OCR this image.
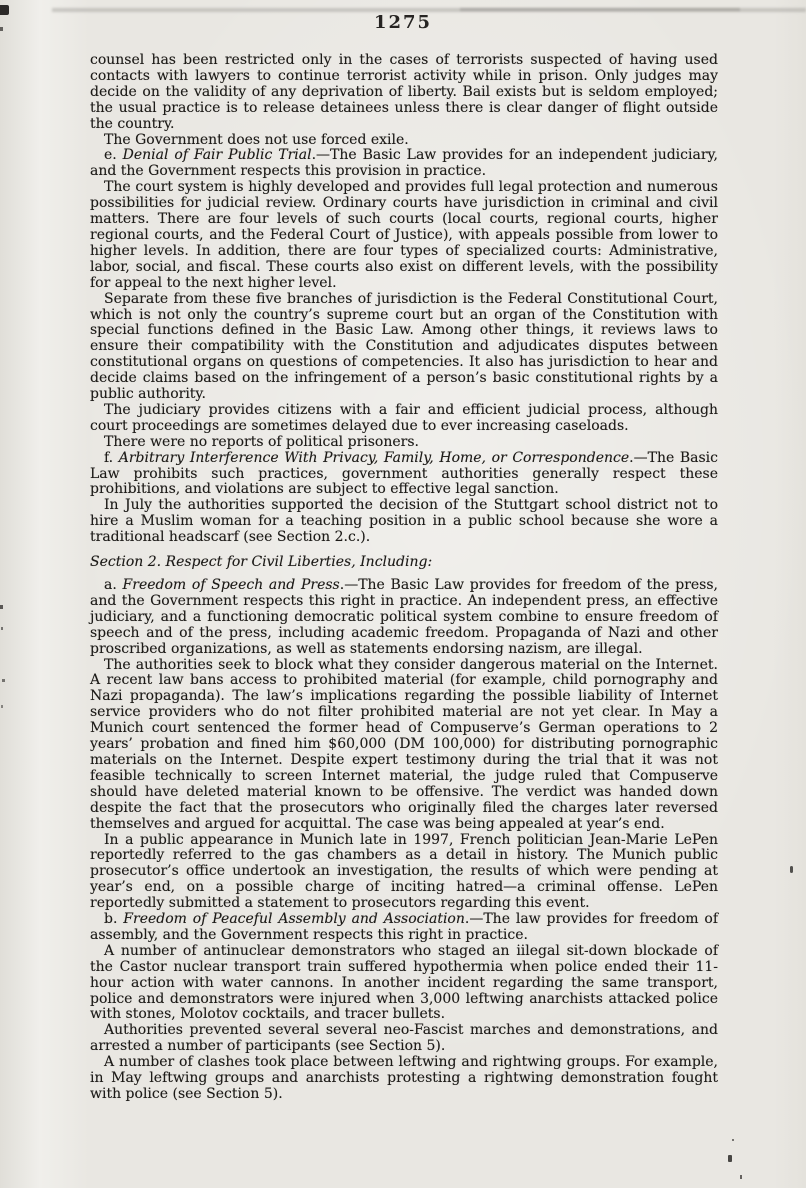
1275

counsel has been restricted only in the cases of terrorists suspected of having used contacts with lawyers to continue terrorist activity while in prison. Only judges may decide on the validity of any deprivation of liberty. Bail exists but is seldom employed; the usual practice is to release detainees unless there is clear danger of flight outside the country.

The Government does not use forced exile.

e. Denial of Fair Public Trial.—The Basic Law provides for an independent judiciary, and the Government respects this provision in practice.

The court system is highly developed and provides full legal protection and numerous possibilities for judicial review. Ordinary courts have jurisdiction in criminal and civil matters. There are four levels of such courts (local courts, regional courts, higher regional courts, and the Federal Court of Justice), with appeals possible from lower to higher levels. In addition, there are four types of specialized courts: Administrative, labor, social, and fiscal. These courts also exist on different levels, with the possibility for appeal to the next higher level.

Separate from these five branches of jurisdiction is the Federal Constitutional Court, which is not only the country’s supreme court but an organ of the Constitution with special functions defined in the Basic Law. Among other things, it reviews laws to ensure their compatibility with the Constitution and adjudicates disputes between constitutional organs on questions of competencies. It also has jurisdiction to hear and decide claims based on the infringement of a person’s basic constitutional rights by a public authority.

The judiciary provides citizens with a fair and efficient judicial process, although court proceedings are sometimes delayed due to ever increasing caseloads.

There were no reports of political prisoners.

f. Arbitrary Interference With Privacy, Family, Home, or Correspondence.—The Basic Law prohibits such practices, government authorities generally respect these prohibitions, and violations are subject to effective legal sanction.

In July the authorities supported the decision of the Stuttgart school district not to hire a Muslim woman for a teaching position in a public school because she wore a traditional headscarf (see Section 2.c.).

Section 2. Respect for Civil Liberties, Including:

a. Freedom of Speech and Press.—The Basic Law provides for freedom of the press, and the Government respects this right in practice. An independent press, an effective judiciary, and a functioning democratic political system combine to ensure freedom of speech and of the press, including academic freedom. Propaganda of Nazi and other proscribed organizations, as well as statements endorsing nazism, are illegal.

The authorities seek to block what they consider dangerous material on the Internet. A recent law bans access to prohibited material (for example, child pornography and Nazi propaganda). The law’s implications regarding the possible liability of Internet service providers who do not filter prohibited material are not yet clear. In May a Munich court sentenced the former head of Compuserve’s German operations to 2 years’ probation and fined him $60,000 (DM 100,000) for distributing pornographic materials on the Internet. Despite expert testimony during the trial that it was not feasible technically to screen Internet material, the judge ruled that Compuserve should have deleted material known to be offensive. The verdict was handed down despite the fact that the prosecutors who originally filed the charges later reversed themselves and argued for acquittal. The case was being appealed at year’s end.

In a public appearance in Munich late in 1997, French politician Jean-Marie LePen reportedly referred to the gas chambers as a detail in history. The Munich public prosecutor’s office undertook an investigation, the results of which were pending at year’s end, on a possible charge of inciting hatred—a criminal offense. LePen reportedly submitted a statement to prosecutors regarding this event.

b. Freedom of Peaceful Assembly and Association.—The law provides for freedom of assembly, and the Government respects this right in practice.

A number of antinuclear demonstrators who staged an iilegal sit-down blockade of the Castor nuclear transport train suffered hypothermia when police ended their 11-hour action with water cannons. In another incident regarding the same transport, police and demonstrators were injured when 3,000 leftwing anarchists attacked police with stones, Molotov cocktails, and tracer bullets.

Authorities prevented several several neo-Fascist marches and demonstrations, and arrested a number of participants (see Section 5).

A number of clashes took place between leftwing and rightwing groups. For example, in May leftwing groups and anarchists protesting a rightwing demonstration fought with police (see Section 5).
